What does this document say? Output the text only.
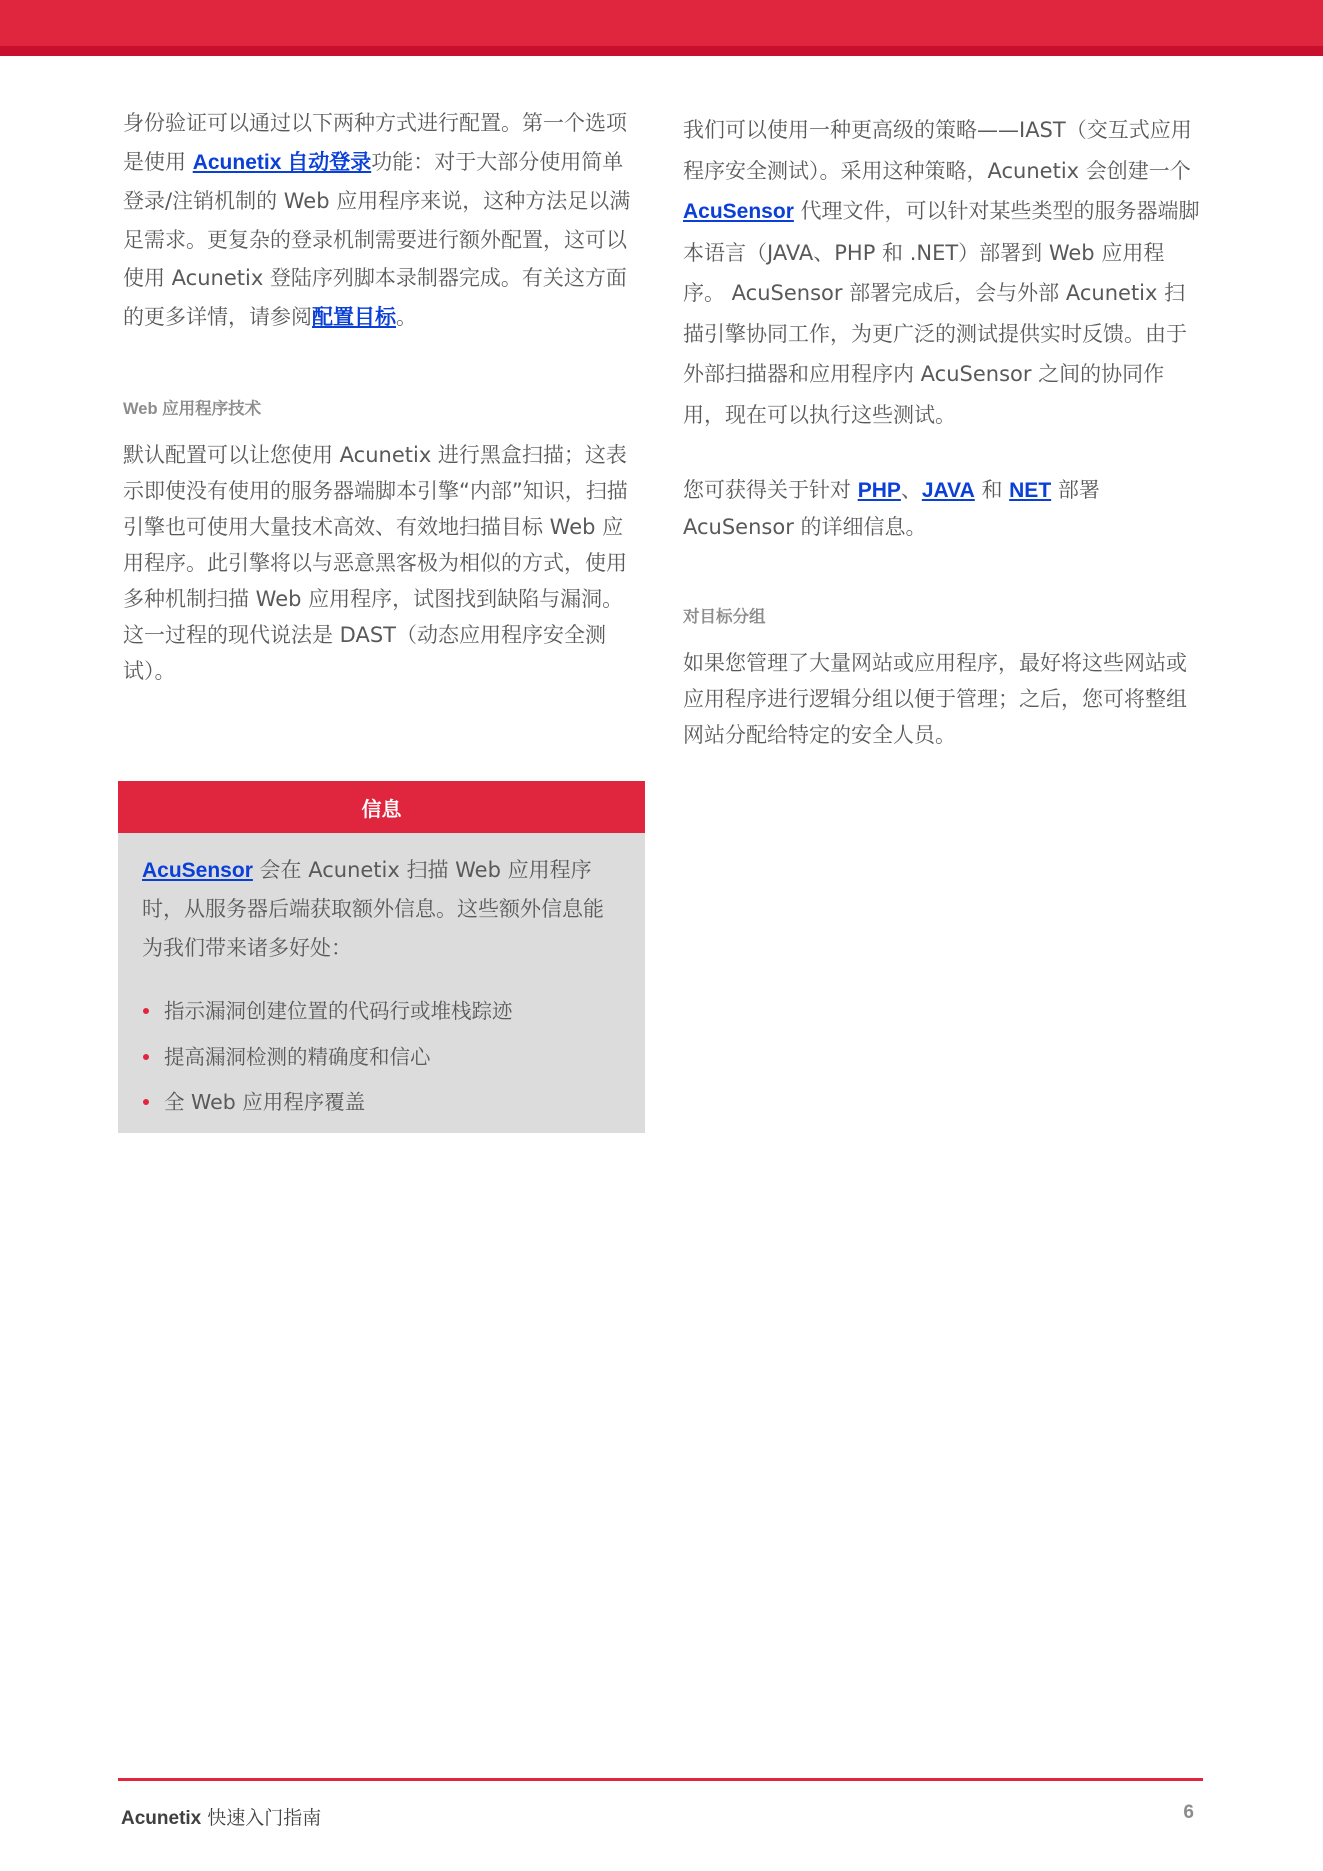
身份验证可以通过以下两种方式进行配置。第一个选项是使用 Acunetix 自动登录功能：对于大部分使用简单登录/注销机制的 Web 应用程序来说，这种方法足以满足需求。更复杂的登录机制需要进行额外配置，这可以使用 Acunetix 登陆序列脚本录制器完成。有关这方面的更多详情，请参阅配置目标。

Web 应用程序技术

默认配置可以让您使用 Acunetix 进行黑盒扫描；这表示即使没有使用的服务器端脚本引擎“内部”知识，扫描引擎也可使用大量技术高效、有效地扫描目标 Web 应用程序。此引擎将以与恶意黑客极为相似的方式，使用多种机制扫描 Web 应用程序，试图找到缺陷与漏洞。这一过程的现代说法是 DAST（动态应用程序安全测试）。

信息

AcuSensor 会在 Acunetix 扫描 Web 应用程序时，从服务器后端获取额外信息。这些额外信息能为我们带来诸多好处：

指示漏洞创建位置的代码行或堆栈踪迹
提高漏洞检测的精确度和信心
全 Web 应用程序覆盖

我们可以使用一种更高级的策略——IAST（交互式应用程序安全测试）。采用这种策略，Acunetix 会创建一个 AcuSensor 代理文件，可以针对某些类型的服务器端脚本语言（JAVA、PHP 和 .NET）部署到 Web 应用程序。 AcuSensor 部署完成后，会与外部 Acunetix 扫描引擎协同工作，为更广泛的测试提供实时反馈。由于外部扫描器和应用程序内 AcuSensor 之间的协同作用，现在可以执行这些测试。

您可获得关于针对 PHP、JAVA 和 NET 部署 AcuSensor 的详细信息。

对目标分组

如果您管理了大量网站或应用程序，最好将这些网站或应用程序进行逻辑分组以便于管理；之后，您可将整组网站分配给特定的安全人员。

Acunetix 快速入门指南	6
